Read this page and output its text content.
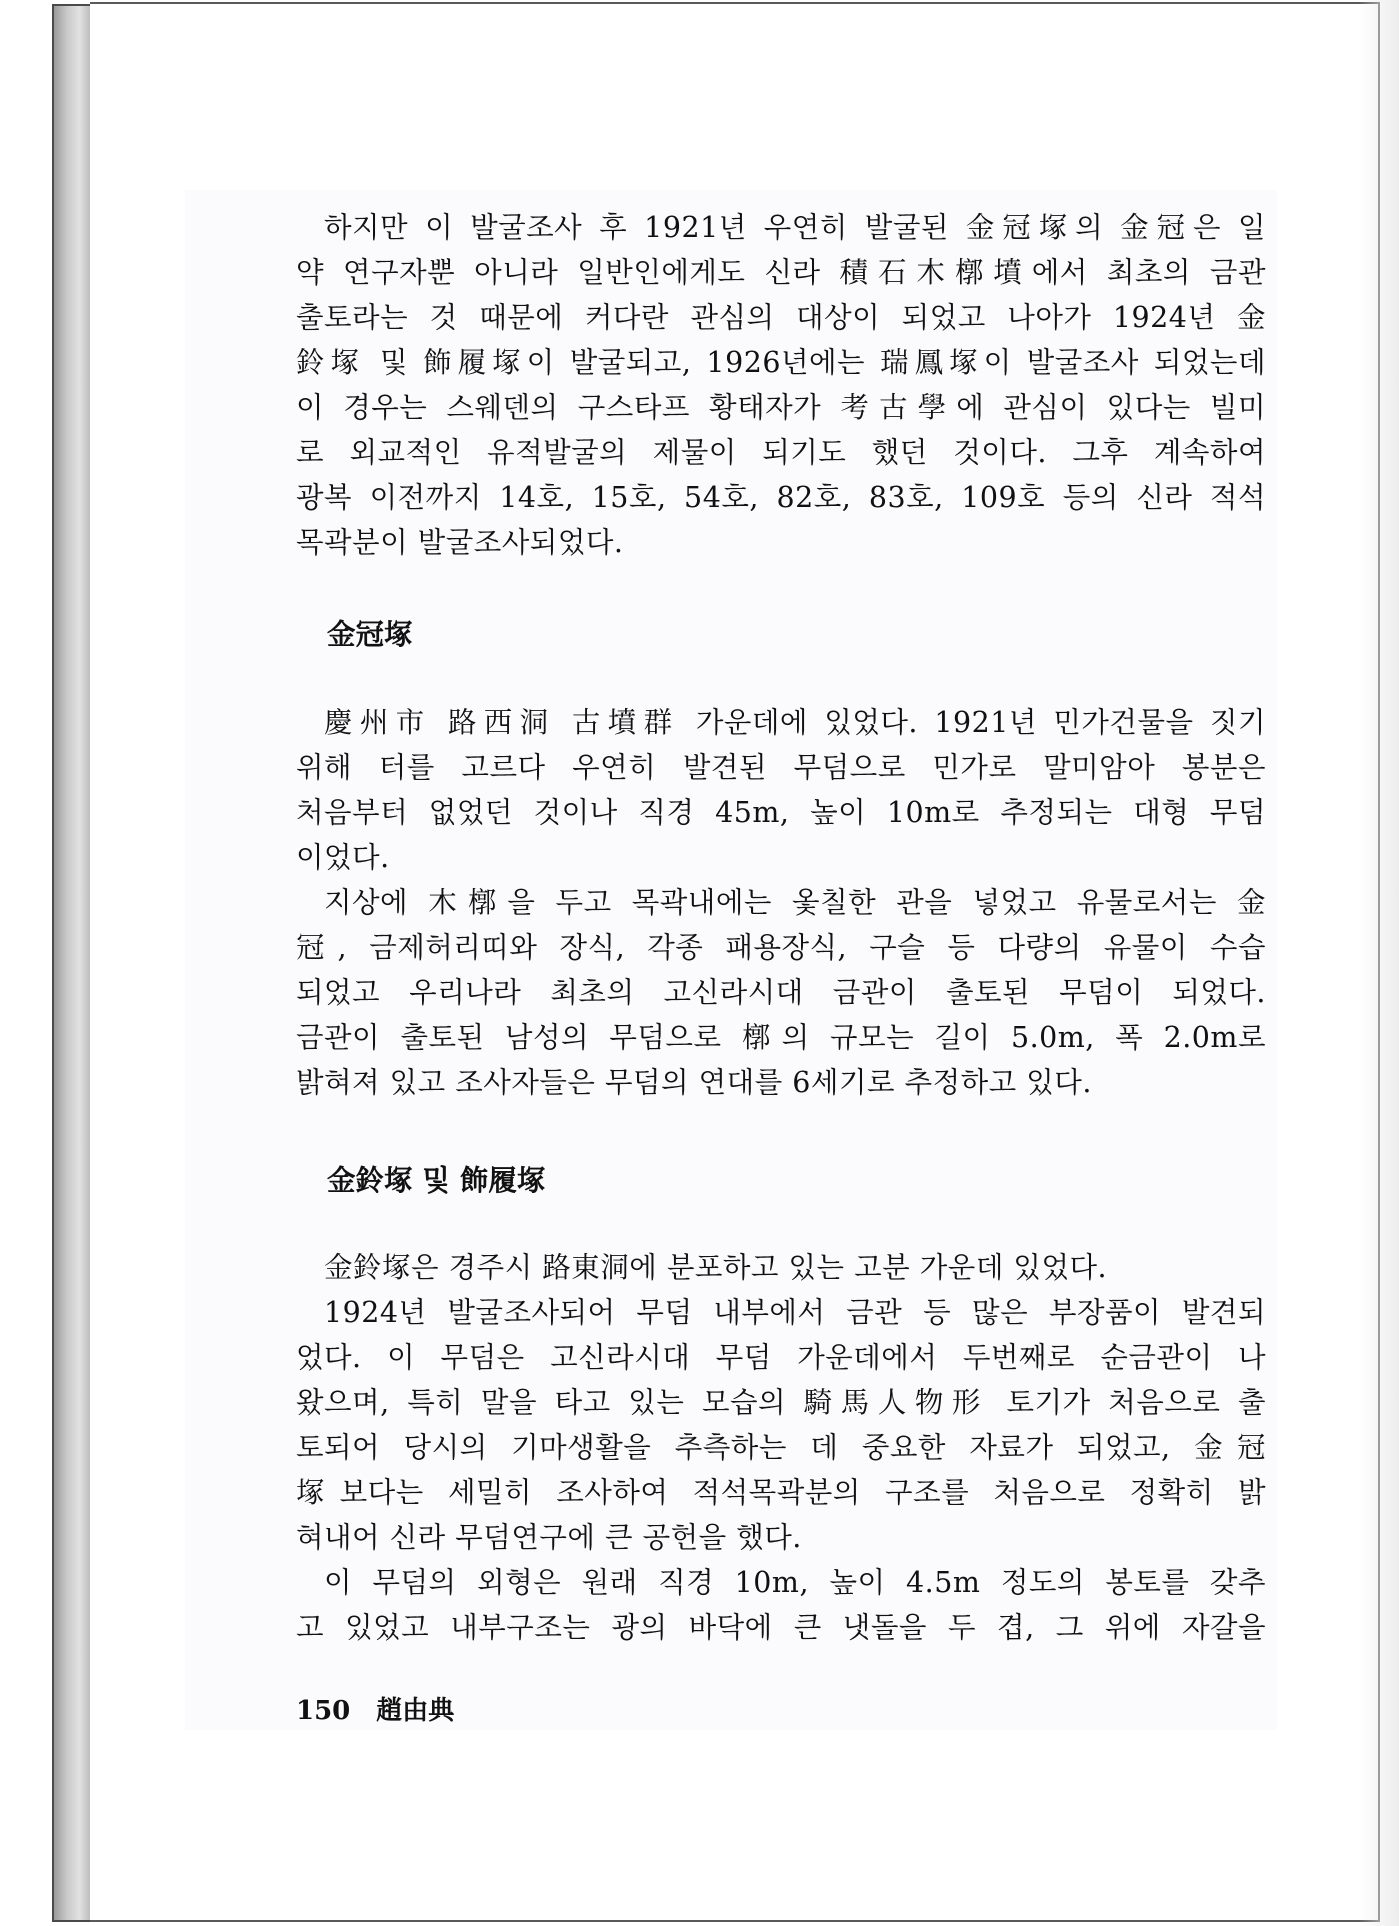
하지만 이 발굴조사 후 1921년 우연히 발굴된 金冠塚의 金冠은 일
약 연구자뿐 아니라 일반인에게도 신라 積石木槨墳에서 최초의 금관
출토라는 것 때문에 커다란 관심의 대상이 되었고 나아가 1924년 金
鈴塚 및 飾履塚이 발굴되고, 1926년에는 瑞鳳塚이 발굴조사 되었는데
이 경우는 스웨덴의 구스타프 황태자가 考古學에 관심이 있다는 빌미
로 외교적인 유적발굴의 제물이 되기도 했던 것이다. 그후 계속하여
광복 이전까지 14호, 15호, 54호, 82호, 83호, 109호 등의 신라 적석
목곽분이 발굴조사되었다.
金冠塚
慶州市 路西洞 古墳群 가운데에 있었다. 1921년 민가건물을 짓기
위해 터를 고르다 우연히 발견된 무덤으로 민가로 말미암아 봉분은
처음부터 없었던 것이나 직경 45m, 높이 10m로 추정되는 대형 무덤
이었다.
지상에 木槨을 두고 목곽내에는 옻칠한 관을 넣었고 유물로서는 金
冠, 금제허리띠와 장식, 각종 패용장식, 구슬 등 다량의 유물이 수습
되었고 우리나라 최초의 고신라시대 금관이 출토된 무덤이 되었다.
금관이 출토된 남성의 무덤으로 槨의 규모는 길이 5.0m, 폭 2.0m로
밝혀져 있고 조사자들은 무덤의 연대를 6세기로 추정하고 있다.
金鈴塚 및 飾履塚
金鈴塚은 경주시 路東洞에 분포하고 있는 고분 가운데 있었다.
1924년 발굴조사되어 무덤 내부에서 금관 등 많은 부장품이 발견되
었다. 이 무덤은 고신라시대 무덤 가운데에서 두번째로 순금관이 나
왔으며, 특히 말을 타고 있는 모습의 騎馬人物形 토기가 처음으로 출
토되어 당시의 기마생활을 추측하는 데 중요한 자료가 되었고, 金冠
塚보다는 세밀히 조사하여 적석목곽분의 구조를 처음으로 정확히 밝
혀내어 신라 무덤연구에 큰 공헌을 했다.
이 무덤의 외형은 원래 직경 10m, 높이 4.5m 정도의 봉토를 갖추
고 있었고 내부구조는 광의 바닥에 큰 냇돌을 두 겹, 그 위에 자갈을
150 趙由典
